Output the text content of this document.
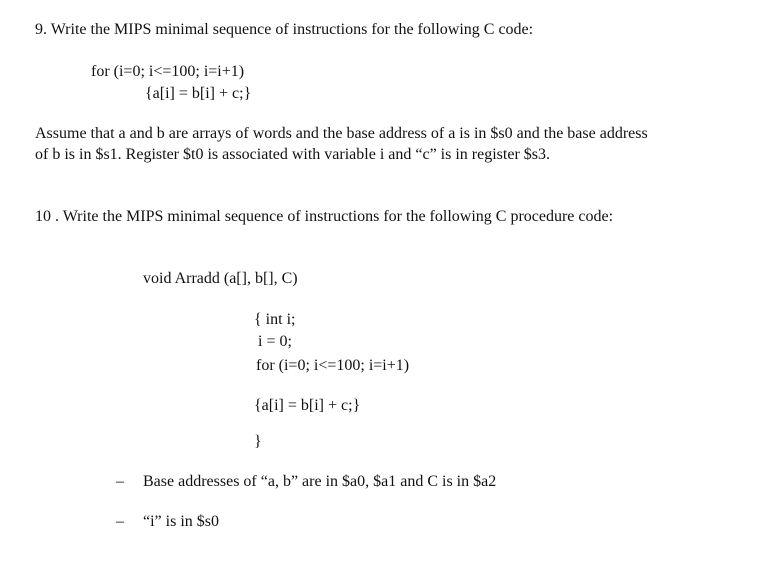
9. Write the MIPS minimal sequence of instructions for the following C code:
for (i=0; i<=100; i=i+1)
{a[i] = b[i] + c;}
Assume that a and b are arrays of words and the base address of a is in $s0 and the base address
of b is in $s1. Register $t0 is associated with variable i and “c” is in register $s3.
10 . Write the MIPS minimal sequence of instructions for the following C procedure code:
void Arradd (a[], b[], C)
{ int i;
i = 0;
for (i=0; i<=100; i=i+1)
{a[i] = b[i] + c;}
}
– Base addresses of “a, b” are in $a0, $a1 and C is in $a2
– “i” is in $s0
